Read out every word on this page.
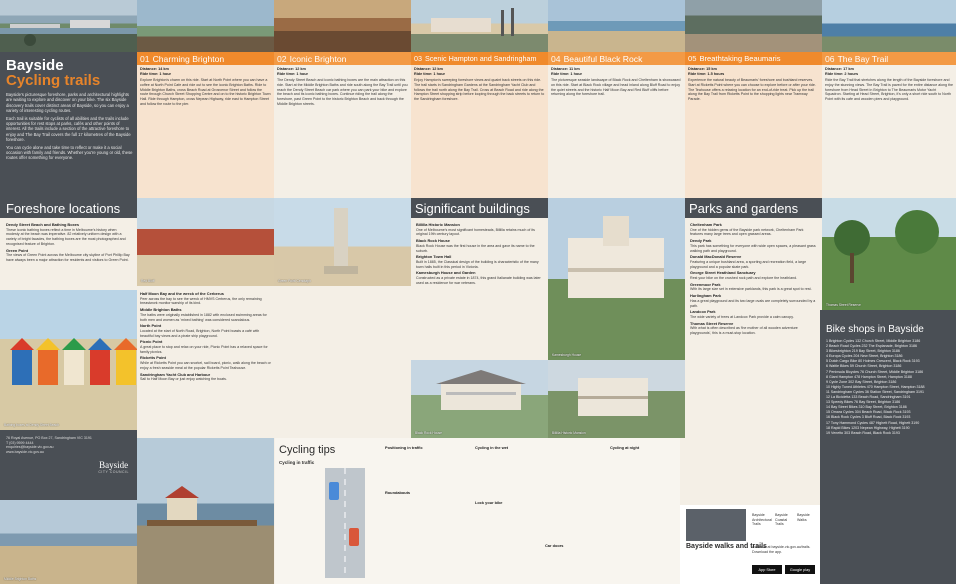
Bayside
Cycling trails

Bayside's picturesque foreshore, parks and architectural highlights are waiting to explore and discover on your bike. The six Bayside discovery trails cover distinct areas of Bayside, so you can enjoy a variety of interesting cycling routes.

Each trail is suitable for cyclists of all abilities and the trails include opportunities for rest stops at parks, cafés and other points of interest. All the trails include a section of the attractive foreshore to enjoy and The Bay Trail covers the full 17 kilometres of the Bayside foreshore.

You can cycle alone and take time to reflect or make it a social occasion with family and friends. Whether you're young or old, these routes offer something for everyone.

01 Charming Brighton	02 Iconic Brighton	03 Scenic Hampton and Sandringham 04 Beautiful Black Rock	05 Breathtaking Beaumaris	06 The Bay Trail
Distance: 14 km
Ride time: 1 hour
Explore Brighton's charm on this ride. Start at North Point where you can have a coffee at North Point Cafe and ride out to see the iconic Brighton Baths. Ride to Middle Brighton Baths, cross Beach Road at Grosvenor Street and follow the route through Church Street Shopping Centre and on to the historic Brighton Town Hall. Ride through Hampton, cross Nepean Highway, ride east to Hampton Street and follow the route to the pier.
Distance: 12 km
Ride time: 1 hour
The Dendy Street Beach and iconic bathing boxes are the main attraction on this ride. Start at the Middle Brighton Baths and ride south along the Bay Trail until you reach the Dendy Street Beach car park where you can park your bike and explore the beach and its iconic bathing boxes. Continue riding the trail along the foreshore, past Green Point to the historic Brighton Beach and back through the Middle Brighton streets.
Distance: 12 km
Ride time: 1 hour
Enjoy Hampton's sweeping foreshore views and quaint back streets on this ride. The trail starts in Sandringham Gardens at the Sandringham Yacht Club and follows the trail north along the Bay Trail. Cross at Beach Road and ride along the Hampton Street shopping strip before looping through the back streets to return to the Sandringham foreshore.
Distance: 11 km
Ride time: 1 hour
The picturesque seaside landscape of Black Rock and Cheltenham is showcased on this ride. Start at Black Rock village and head inland along Bluff Road to enjoy the quiet streets and the historic Half Moon Bay and Red Bluff cliffs before returning along the foreshore trail.
Distance: 15 km
Ride time: 1.5 hours
Experience the natural beauty of Beaumaris' foreshore and bushland reserves. Start at Ricketts Point where you can choose to explore before or after your ride. The Teahouse offers a relaxing location for an end-of-ride treat. Pick up the trail along the Bay Trail from Ricketts Point to the shopping lights near Tramway Parade.
Distance: 17 km
Ride time: 2 hours
Ride the Bay Trail that stretches along the length of the Bayside foreshore and enjoy the stunning views. The Bay Trail is paved for the entire distance along the foreshore from Head Street in Brighton to The Beaumaris Motor Yacht Squadron. Starting at Head Street, Brighton, it's only a short ride south to North Point with its cafe and wooden piers and playground.
Foreshore locations
Dendy Street Beach and Bathing Boxes
These iconic bathing boxes reflect a time in Melbourne's history when modesty at the beach was imperative. 82 relatively uniform design with a variety of bright facades, the bathing boxes are the most photographed and recognised feature of Brighton.
Green Point
The views of Green Point across the Melbourne city skyline of Port Phillip Bay have always been a major attraction for residents and visitors to Green Point.
Bathing boxes at Dendy Street Beach
Middle Brighton Baths
76 Royal Avenue, PO Box 27, Sandringham VIC 3191
T (03) 9599 4444
enquiries@bayside.vic.gov.au
www.bayside.vic.gov.au
Bayside
CITY COUNCIL
Red Bluff	Green Point Cenotaph
Half Moon Bay and the wreck of the Cerberus
Peer across the bay to see the wreck of HMVS Cerberus, the only remaining breastwork monitor warship of its kind.
Middle Brighton Baths
The baths were originally established in 1882 with enclosed swimming areas for both men and women as 'mixed bathing' was considered scandalous.
North Point
Located at the start of North Road, Brighton, North Point boasts a café with beautiful bay views and a pirate ship playground.
Picnic Point
A great place to stop and relax on your ride, Picnic Point has a relaxed space for family picnics.
Ricketts Point
While at Ricketts Point you can snorkel, sail board, picnic, walk along the beach or enjoy a fresh seaside meal at the popular Ricketts Point Teahouse.
Sandringham Yacht Club and Harbour
Sail to Half Moon Bay or just enjoy watching the boats.
Significant buildings
Billilla Historic Mansion
One of Melbourne's most significant homesteads, Billilla retains much of its original 19th century layout.
Black Rock House
Black Rock House was the first house in the area and gave its name to the suburb.
Brighton Town Hall
Built in 1885, the Classical design of the building is characteristic of the many town halls built in this period in Victoria.
Kamesburgh House and Garden
Constructed as a private estate in 1874, this grand Italianate building was later used as a residence for war veterans.
Black Rock House
Kamesburgh House
Billilla Historic Mansion
Parks and gardens
Cheltenham Park
One of the hidden gems of the Bayside park network, Cheltenham Park features many large trees and open grassed areas.
Dendy Park
This park has something for everyone with wide open spaces, a pleasant grass walking path and playground.
Donald MacDonald Reserve
Featuring a unique bushland area, a sporting and recreation field, a large playground and a popular skate park.
George Street Heathland Sanctuary
Rest your bike on the crushed rock path and explore the heathland.
Greenmoor Park
With its large size set in extensive parklands, this park is a great spot to rest.
Hurlingham Park
Has a great playground and its two large ovals are completely surrounded by a path.
Landcox Park
The wide variety of trees at Landcox Park provide a calm canopy.
Thomas Street Reserve
With what is often described as 'the mother of all wooden adventure playgrounds', this is a must-stop location.
Thomas Street Reserve
Cycling tips
Cycling in traffic
Positioning in traffic
Roundabouts
Cycling in the wet
Lock your bike
Car doors
Cycling at night
Bayside walks and trails
Bayside Architectural Trails
Bayside Coastal Trails
Bayside Walks
Available at bayside.vic.gov.au/trails. Download the app.
App Store	Google play
Bike shops in Bayside
1 Brighton Cycles 132 Church Street, Middle Brighton 3186
2 Beach Road Cycles 232 The Esplanade, Brighton 3186
3 Bikesbrighton 219 Bay Street, Brighton 3186
4 Europa Cycles 204 New Street, Brighton 3186
5 Dutch Cargo Bike 80 Holmes Crescent, Black Rock 3193
6 Wattle Bikes 59 Church Street, Brighton 3186
7 Peninsula Bicycles 76 Church Street, Middle Brighton 3186
8 Giant Hampton 478 Hampton Street, Hampton 3188
9 Cycle Zone 302 Bay Street, Brighton 3186
10 Highly Tuned Athletes 470 Hampton Street, Hampton 3188
11 Sandringham Cycles 36 Station Street, Sandringham 3191
12 La Bicicletta 133 Beach Road, Sandringham 3191
13 Speedy Bikes 76 Bay Street, Brighton 3186
14 Bay Street Bikes 310 Bay Street, Brighton 3186
15 Omara Cycles 304 Beach Road, Black Rock 3193
16 Black Rock Cycles 3 Bluff Road, Black Rock 3193
17 Tony Hammond Cycles 487 Highett Road, Highett 3190
18 Rapid Bikes 1203 Nepean Highway, Highett 3190
19 Venetto 303 Beach Road, Black Rock 3193
